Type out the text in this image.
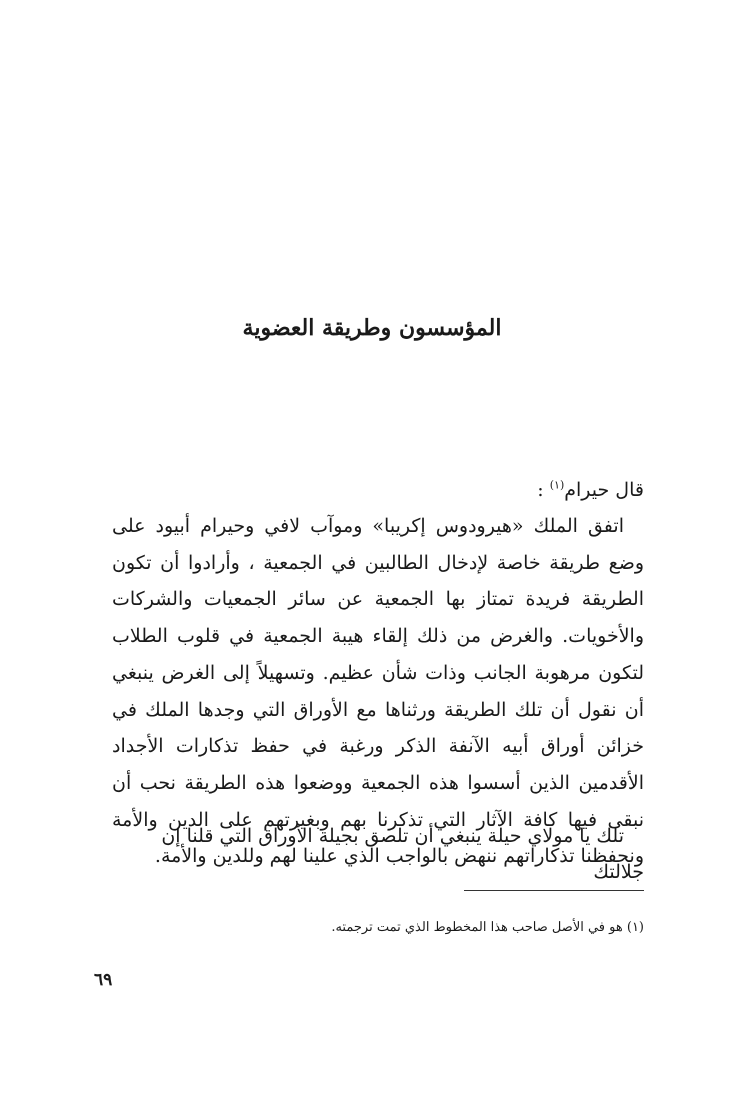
المؤسسون وطريقة العضوية

قال حيرام$^{(١)}$ :

اتفق الملك «هيرودوس إكريبا» وموآب لافي وحيرام أبيود على وضع طريقة خاصة لإدخال الطالبين في الجمعية ، وأرادوا أن تكون الطريقة فريدة تمتاز بها الجمعية عن سائر الجمعيات والشركات والأخويات. والغرض من ذلك إلقاء هيبة الجمعية في قلوب الطلاب لتكون مرهوبة الجانب وذات شأن عظيم. وتسهيلاً إلى الغرض ينبغي أن نقول أن تلك الطريقة ورثناها مع الأوراق التي وجدها الملك في خزائن أوراق أبيه الآنفة الذكر ورغبة في حفظ تذكارات الأجداد الأقدمين الذين أسسوا هذه الجمعية ووضعوا هذه الطريقة نحب أن نبقى فيها كافة الآثار التي تذكرنا بهم وبغيرتهم على الدين والأمة ونحفظنا تذكاراتهم ننهض بالواجب الذي علينا لهم وللدين والأمة.

تلك يا مولاي حيلة ينبغي أن تلصق بجيلة الأوراق التي قلنا إن جلالتك

(١) هو في الأصل صاحب هذا المخطوط الذي تمت ترجمته.

٦٩
